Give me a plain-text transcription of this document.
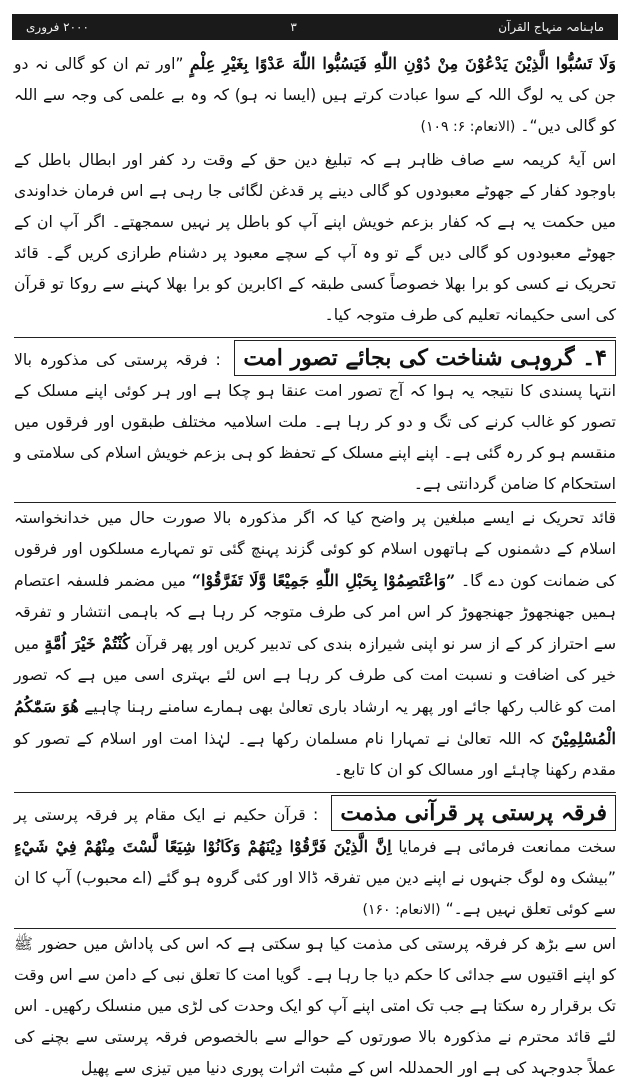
ماہنامہ منہاج القرآن
۳
۲۰۰۰ فروری

وَلَا تَسُبُّوا الَّذِيْنَ يَدْعُوْنَ مِنْ دُوْنِ اللّٰهِ فَيَسُبُّوا اللّٰهَ عَدْوًا بِغَيْرِ عِلْمٍ ”اور تم ان کو گالی نہ دو جن کی یہ لوگ اللہ کے سوا عبادت کرتے ہیں (ایسا نہ ہو) کہ وہ بے علمی کی وجہ سے اللہ کو گالی دیں“۔ (الانعام: ۶: ۱۰۹)

اس آیۂ کریمہ سے صاف ظاہر ہے کہ تبلیغ دین حق کے وقت رد کفر اور ابطال باطل کے باوجود کفار کے جھوٹے معبودوں کو گالی دینے پر قدغن لگائی جا رہی ہے اس فرمان خداوندی میں حکمت یہ ہے کہ کفار بزعم خویش اپنے آپ کو باطل پر نہیں سمجھتے۔ اگر آپ ان کے جھوٹے معبودوں کو گالی دیں گے تو وہ آپ کے سچے معبود پر دشنام طرازی کریں گے۔ قائد تحریک نے کسی کو برا بھلا خصوصاً کسی طبقہ کے اکابرین کو برا بھلا کہنے سے روکا تو قرآن کی اسی حکیمانہ تعلیم کی طرف متوجہ کیا۔

۴۔ گروہی شناخت کی بجائے تصور امت : فرقہ پرستی کی مذکورہ بالا انتہا پسندی کا نتیجہ یہ ہوا کہ آج تصور امت عنقا ہو چکا ہے اور ہر کوئی اپنے مسلک کے تصور کو غالب کرنے کی تگ و دو کر رہا ہے۔ ملت اسلامیہ مختلف طبقوں اور فرقوں میں منقسم ہو کر رہ گئی ہے۔ اپنے اپنے مسلک کے تحفظ کو ہی بزعم خویش اسلام کی سلامتی و استحکام کا ضامن گردانتی ہے۔

قائد تحریک نے ایسے مبلغین پر واضح کیا کہ اگر مذکورہ بالا صورت حال میں خدانخواستہ اسلام کے دشمنوں کے ہاتھوں اسلام کو کوئی گزند پہنچ گئی تو تمہارے مسلکوں اور فرقوں کی ضمانت کون دے گا۔ ”وَاعْتَصِمُوْا بِحَبْلِ اللّٰهِ جَمِيْعًا وَّلَا تَفَرَّقُوْا“ میں مضمر فلسفہ اعتصام ہمیں جھنجھوڑ جھنجھوڑ کر اس امر کی طرف متوجہ کر رہا ہے کہ باہمی انتشار و تفرقہ سے احتراز کر کے از سر نو اپنی شیرازہ بندی کی تدبیر کریں اور پھر قرآن كُنْتُمْ خَيْرَ اُمَّةٍ میں خیر کی اضافت و نسبت امت کی طرف کر رہا ہے اس لئے بہتری اسی میں ہے کہ تصور امت کو غالب رکھا جائے اور پھر یہ ارشاد باری تعالیٰ بھی ہمارے سامنے رہنا چاہیے هُوَ سَمّٰكُمُ الْمُسْلِمِيْنَ کہ اللہ تعالیٰ نے تمہارا نام مسلمان رکھا ہے۔ لہٰذا امت اور اسلام کے تصور کو مقدم رکھنا چاہئے اور مسالک کو ان کا تابع۔

فرقہ پرستی پر قرآنی مذمت : قرآن حکیم نے ایک مقام پر فرقہ پرستی پر سخت ممانعت فرمائی ہے فرمایا اِنَّ الَّذِيْنَ فَرَّقُوْا دِيْنَهُمْ وَكَانُوْا شِيَعًا لَّسْتَ مِنْهُمْ فِيْ شَيْءٍ ”بیشک وہ لوگ جنہوں نے اپنے دین میں تفرقہ ڈالا اور کئی گروہ ہو گئے (اے محبوب) آپ کا ان سے کوئی تعلق نہیں ہے۔“ (الانعام: ۱۶۰)

اس سے بڑھ کر فرقہ پرستی کی مذمت کیا ہو سکتی ہے کہ اس کی پاداش میں حضور ﷺ کو اپنے اقتیوں سے جدائی کا حکم دیا جا رہا ہے۔ گویا امت کا تعلق نبی کے دامن سے اس وقت تک برقرار رہ سکتا ہے جب تک امتی اپنے آپ کو ایک وحدت کی لڑی میں منسلک رکھیں۔ اس لئے قائد محترم نے مذکورہ بالا صورتوں کے حوالے سے بالخصوص فرقہ پرستی سے بچنے کی عملاً جدوجہد کی ہے اور الحمدللہ اس کے مثبت اثرات پوری دنیا میں تیزی سے پھیل
